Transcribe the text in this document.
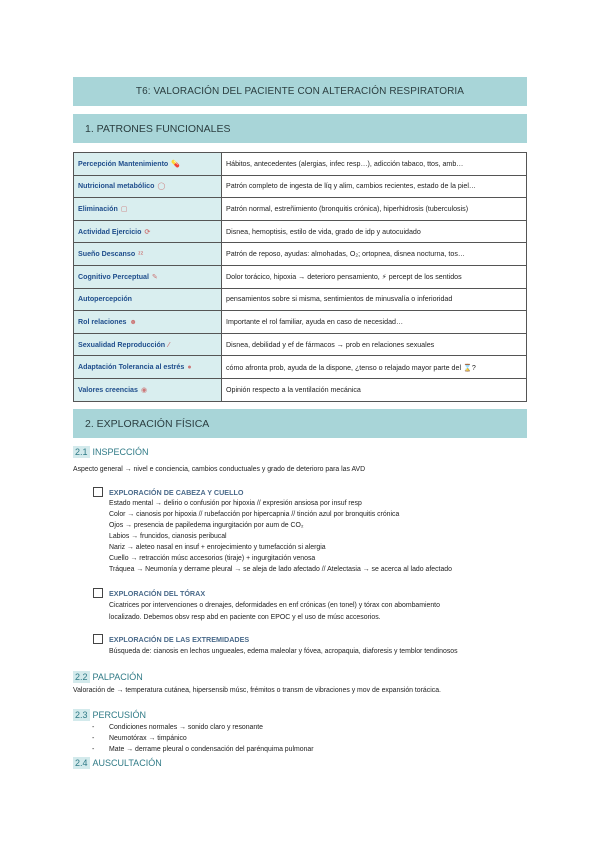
T6: VALORACIÓN DEL PACIENTE CON ALTERACIÓN RESPIRATORIA
1. PATRONES FUNCIONALES
Percepción Mantenimiento 💊	Hábitos, antecedentes (alergias, infec resp…), adicción tabaco, ttos, amb…
Nutricional metabólico ◯	Patrón completo de ingesta de líq y alim, cambios recientes, estado de la piel…
Eliminación ▢	Patrón normal, estreñimiento (bronquitis crónica), hiperhidrosis (tuberculosis)
Actividad Ejercicio ⟳	Disnea, hemoptisis, estilo de vida, grado de idp y autocuidado
Sueño Descanso ᶻᶻ	Patrón de reposo, ayudas: almohadas, O₂; ortopnea, disnea nocturna, tos…
Cognitivo Perceptual ✎	Dolor torácico, hipoxia → deterioro pensamiento, ⚡ percept de los sentidos
Autopercepción	pensamientos sobre si misma, sentimientos de minusvalía o inferioridad
Rol relaciones ☻	Importante el rol familiar, ayuda en caso de necesidad…
Sexualidad Reproducción ⁄	Disnea, debilidad y ef de fármacos → prob en relaciones sexuales
Adaptación Tolerancia al estrés ●	cómo afronta prob, ayuda de la dispone, ¿tenso o relajado mayor parte del ⌛?
Valores creencias ◉	Opinión respecto a la ventilación mecánica
2. EXPLORACIÓN FÍSICA
2.1 INSPECCIÓN
Aspecto general → nivel e conciencia, cambios conductuales y grado de deterioro para las AVD
EXPLORACIÓN DE CABEZA Y CUELLO
Estado mental → delirio o confusión por hipoxia // expresión ansiosa por insuf resp
Color → cianosis por hipoxia // rubefacción por hipercapnia // tinción azul por bronquitis crónica
Ojos → presencia de papiledema ingurgitación por aum de CO₂
Labios → fruncidos, cianosis peribucal
Nariz → aleteo nasal en insuf + enrojecimiento y tumefacción si alergia
Cuello → retracción músc accesorios (tiraje) + ingurgitación venosa
Tráquea → Neumonía y derrame pleural → se aleja de lado afectado // Atelectasia → se acerca al lado afectado
EXPLORACIÓN DEL TÓRAX
Cicatrices por intervenciones o drenajes, deformidades en enf crónicas (en tonel) y tórax con abombamiento
localizado. Debemos obsv resp abd en paciente con EPOC y el uso de músc accesorios.
EXPLORACIÓN DE LAS EXTREMIDADES
Búsqueda de: cianosis en lechos ungueales, edema maleolar y fóvea, acropaquia, diaforesis y temblor tendinosos
2.2 PALPACIÓN
Valoración de → temperatura cutánea, hipersensib músc, frémitos o transm de vibraciones y mov de expansión torácica.
2.3 PERCUSIÓN
- Condiciones normales → sonido claro y resonante
- Neumotórax → timpánico
- Mate → derrame pleural o condensación del parénquima pulmonar
2.4 AUSCULTACIÓN
